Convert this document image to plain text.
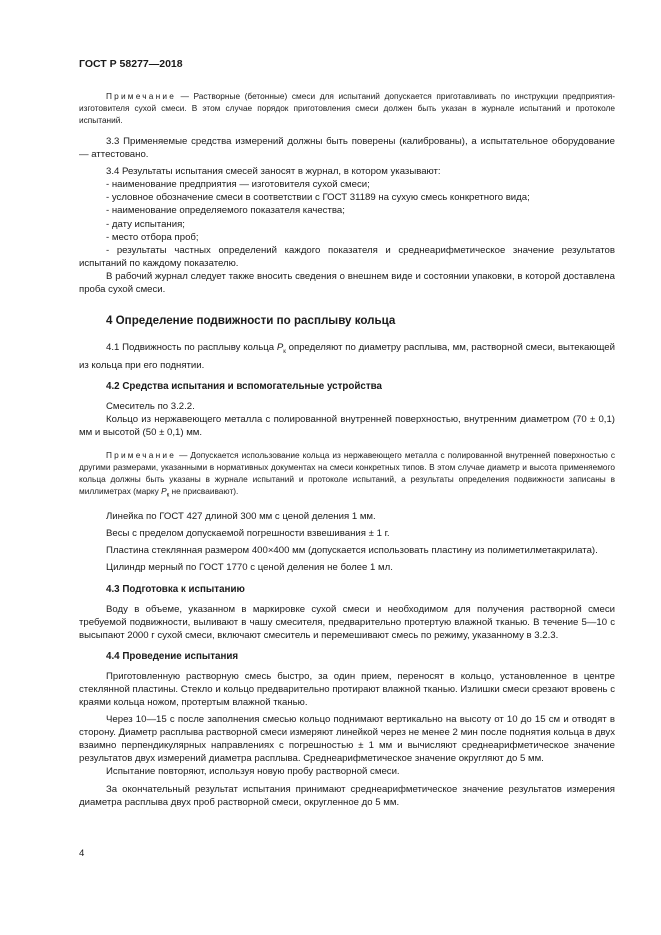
ГОСТ Р 58277—2018

Примечание — Растворные (бетонные) смеси для испытаний допускается приготавливать по инструкции предприятия-изготовителя сухой смеси. В этом случае порядок приготовления смеси должен быть указан в журнале испытаний и протоколе испытаний.

3.3 Применяемые средства измерений должны быть поверены (калиброваны), а испытательное оборудование — аттестовано.

3.4 Результаты испытания смесей заносят в журнал, в котором указывают:

- наименование предприятия — изготовителя сухой смеси;

- условное обозначение смеси в соответствии с ГОСТ 31189 на сухую смесь конкретного вида;

- наименование определяемого показателя качества;

- дату испытания;

- место отбора проб;

- результаты частных определений каждого показателя и среднеарифметическое значение результатов испытаний по каждому показателю.

В рабочий журнал следует также вносить сведения о внешнем виде и состоянии упаковки, в которой доставлена проба сухой смеси.

4 Определение подвижности по расплыву кольца

4.1 Подвижность по расплыву кольца $P_к$ определяют по диаметру расплыва, мм, растворной смеси, вытекающей из кольца при его поднятии.

4.2 Средства испытания и вспомогательные устройства

Смеситель по 3.2.2.

Кольцо из нержавеющего металла с полированной внутренней поверхностью, внутренним диаметром (70 ± 0,1) мм и высотой (50 ± 0,1) мм.

Примечание — Допускается использование кольца из нержавеющего металла с полированной внутренней поверхностью с другими размерами, указанными в нормативных документах на смеси конкретных типов. В этом случае диаметр и высота применяемого кольца должны быть указаны в журнале испытаний и протоколе испытаний, а результаты определения подвижности записаны в миллиметрах (марку $P_к$ не присваивают).

Линейка по ГОСТ 427 длиной 300 мм с ценой деления 1 мм.

Весы с пределом допускаемой погрешности взвешивания ± 1 г.

Пластина стеклянная размером 400×400 мм (допускается использовать пластину из полиметилметакрилата).

Цилиндр мерный по ГОСТ 1770 с ценой деления не более 1 мл.

4.3 Подготовка к испытанию

Воду в объеме, указанном в маркировке сухой смеси и необходимом для получения растворной смеси требуемой подвижности, выливают в чашу смесителя, предварительно протертую влажной тканью. В течение 5—10 с высыпают 2000 г сухой смеси, включают смеситель и перемешивают смесь по режиму, указанному в 3.2.3.

4.4 Проведение испытания

Приготовленную растворную смесь быстро, за один прием, переносят в кольцо, установленное в центре стеклянной пластины. Стекло и кольцо предварительно протирают влажной тканью. Излишки смеси срезают вровень с краями кольца ножом, протертым влажной тканью.

Через 10—15 с после заполнения смесью кольцо поднимают вертикально на высоту от 10 до 15 см и отводят в сторону. Диаметр расплыва растворной смеси измеряют линейкой через не менее 2 мин после поднятия кольца в двух взаимно перпендикулярных направлениях с погрешностью ± 1 мм и вычисляют среднеарифметическое значение результатов двух измерений диаметра расплыва. Среднеарифметическое значение округляют до 5 мм.

Испытание повторяют, используя новую пробу растворной смеси.

За окончательный результат испытания принимают среднеарифметическое значение результатов измерения диаметра расплыва двух проб растворной смеси, округленное до 5 мм.

4
